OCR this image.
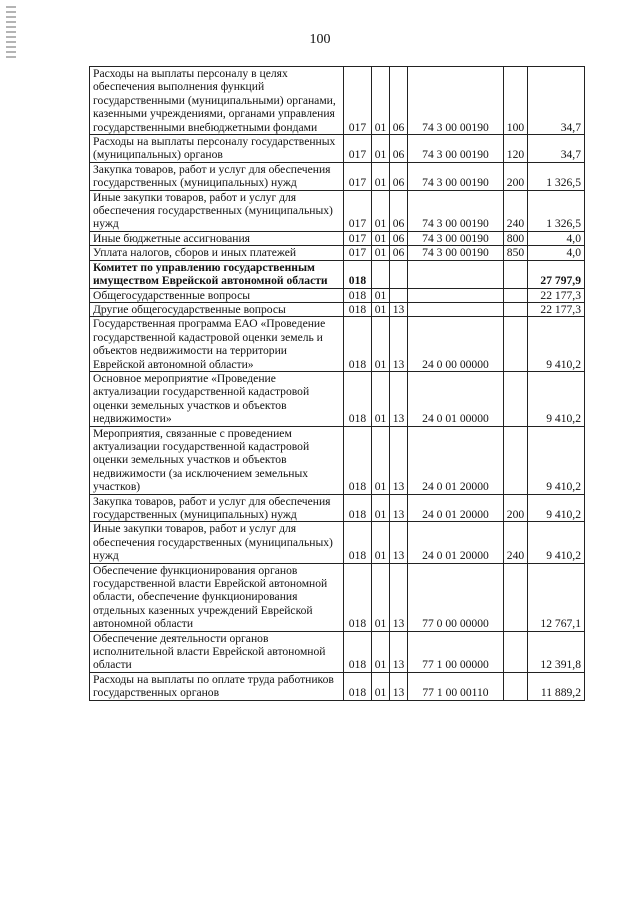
100
Расходы на выплаты персоналу в целях обеспечения выполнения функций государственными (муниципальными) органами, казенными учреждениями, органами управления государственными внебюджетными фондами	017	01	06	74 3 00 00190	100	34,7
Расходы на выплаты персоналу государственных (муниципальных) органов	017	01	06	74 3 00 00190	120	34,7
Закупка товаров, работ и услуг для обеспечения государственных (муниципальных) нужд	017	01	06	74 3 00 00190	200	1 326,5
Иные закупки товаров, работ и услуг для обеспечения государственных (муниципальных) нужд	017	01	06	74 3 00 00190	240	1 326,5
Иные бюджетные ассигнования	017	01	06	74 3 00 00190	800	4,0
Уплата налогов, сборов и иных платежей	017	01	06	74 3 00 00190	850	4,0
Комитет по управлению государственным имуществом Еврейской автономной области	018					27 797,9
Общегосударственные вопросы	018	01				22 177,3
Другие общегосударственные вопросы	018	01	13			22 177,3
Государственная программа ЕАО «Проведение государственной кадастровой оценки земель и объектов недвижимости на территории Еврейской автономной области»	018	01	13	24 0 00 00000		9 410,2
Основное мероприятие «Проведение актуализации государственной кадастровой оценки земельных участков и объектов недвижимости»	018	01	13	24 0 01 00000		9 410,2
Мероприятия, связанные с проведением актуализации государственной кадастровой оценки земельных участков и объектов недвижимости (за исключением земельных участков)	018	01	13	24 0 01 20000		9 410,2
Закупка товаров, работ и услуг для обеспечения государственных (муниципальных) нужд	018	01	13	24 0 01 20000	200	9 410,2
Иные закупки товаров, работ и услуг для обеспечения государственных (муниципальных) нужд	018	01	13	24 0 01 20000	240	9 410,2
Обеспечение функционирования органов государственной власти Еврейской автономной области, обеспечение функционирования отдельных казенных учреждений Еврейской автономной области	018	01	13	77 0 00 00000		12 767,1
Обеспечение деятельности органов исполнительной власти Еврейской автономной области	018	01	13	77 1 00 00000		12 391,8
Расходы на выплаты по оплате труда работников государственных органов	018	01	13	77 1 00 00110		11 889,2
